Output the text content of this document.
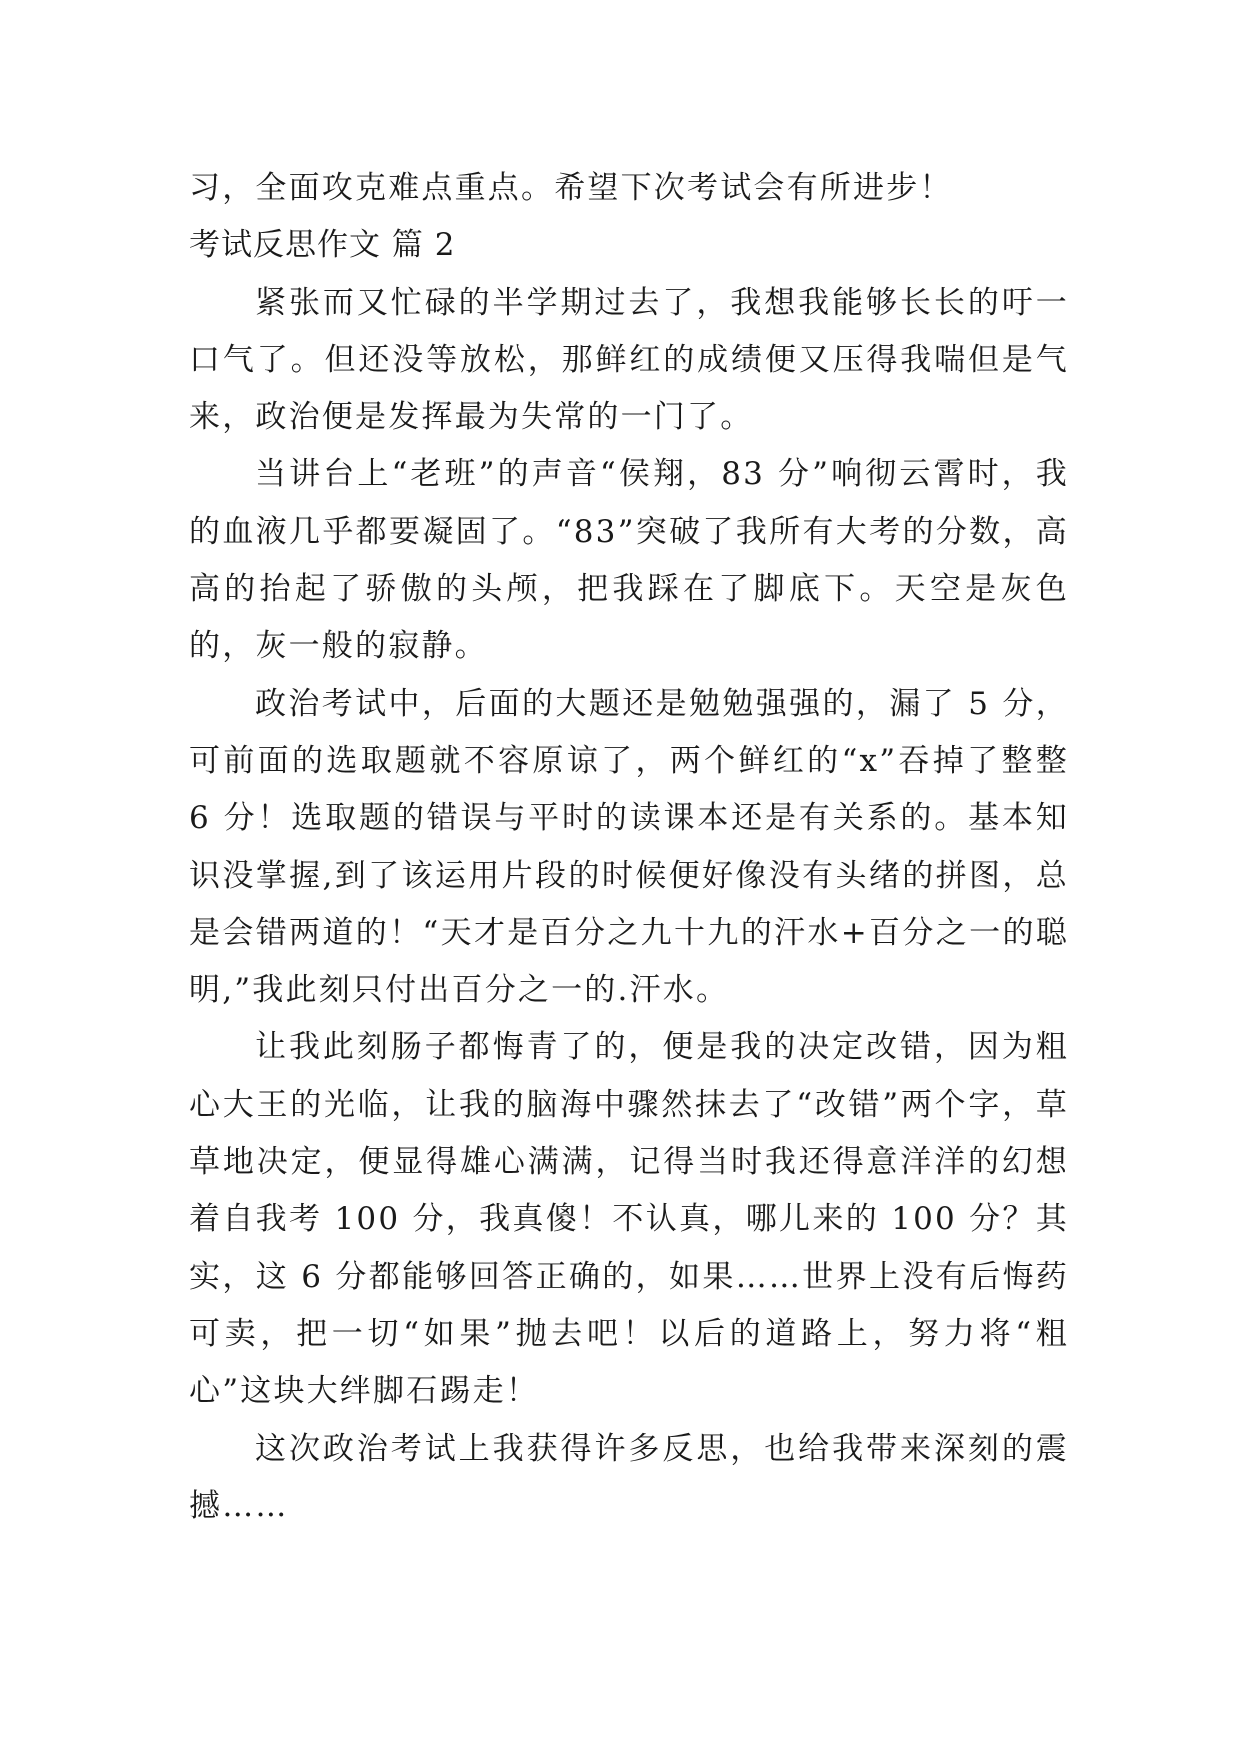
习，全面攻克难点重点。希望下次考试会有所进步！

考试反思作文 篇 2

紧张而又忙碌的半学期过去了，我想我能够长长的吁一口气了。但还没等放松，那鲜红的成绩便又压得我喘但是气来，政治便是发挥最为失常的一门了。

当讲台上“老班”的声音“侯翔，83 分”响彻云霄时，我的血液几乎都要凝固了。“83”突破了我所有大考的分数，高高的抬起了骄傲的头颅，把我踩在了脚底下。天空是灰色的，灰一般的寂静。

政治考试中，后面的大题还是勉勉强强的，漏了 5 分，可前面的选取题就不容原谅了，两个鲜红的“x”吞掉了整整 6 分！选取题的错误与平时的读课本还是有关系的。基本知识没掌握,到了该运用片段的时候便好像没有头绪的拼图，总是会错两道的！“天才是百分之九十九的汗水+百分之一的聪明,”我此刻只付出百分之一的.汗水。

让我此刻肠子都悔青了的，便是我的决定改错，因为粗心大王的光临，让我的脑海中骤然抹去了“改错”两个字，草草地决定，便显得雄心满满，记得当时我还得意洋洋的幻想着自我考 100 分，我真傻！不认真，哪儿来的 100 分？其实，这 6 分都能够回答正确的，如果……世界上没有后悔药可卖，把一切“如果”抛去吧！以后的道路上，努力将“粗心”这块大绊脚石踢走！

这次政治考试上我获得许多反思，也给我带来深刻的震撼……
